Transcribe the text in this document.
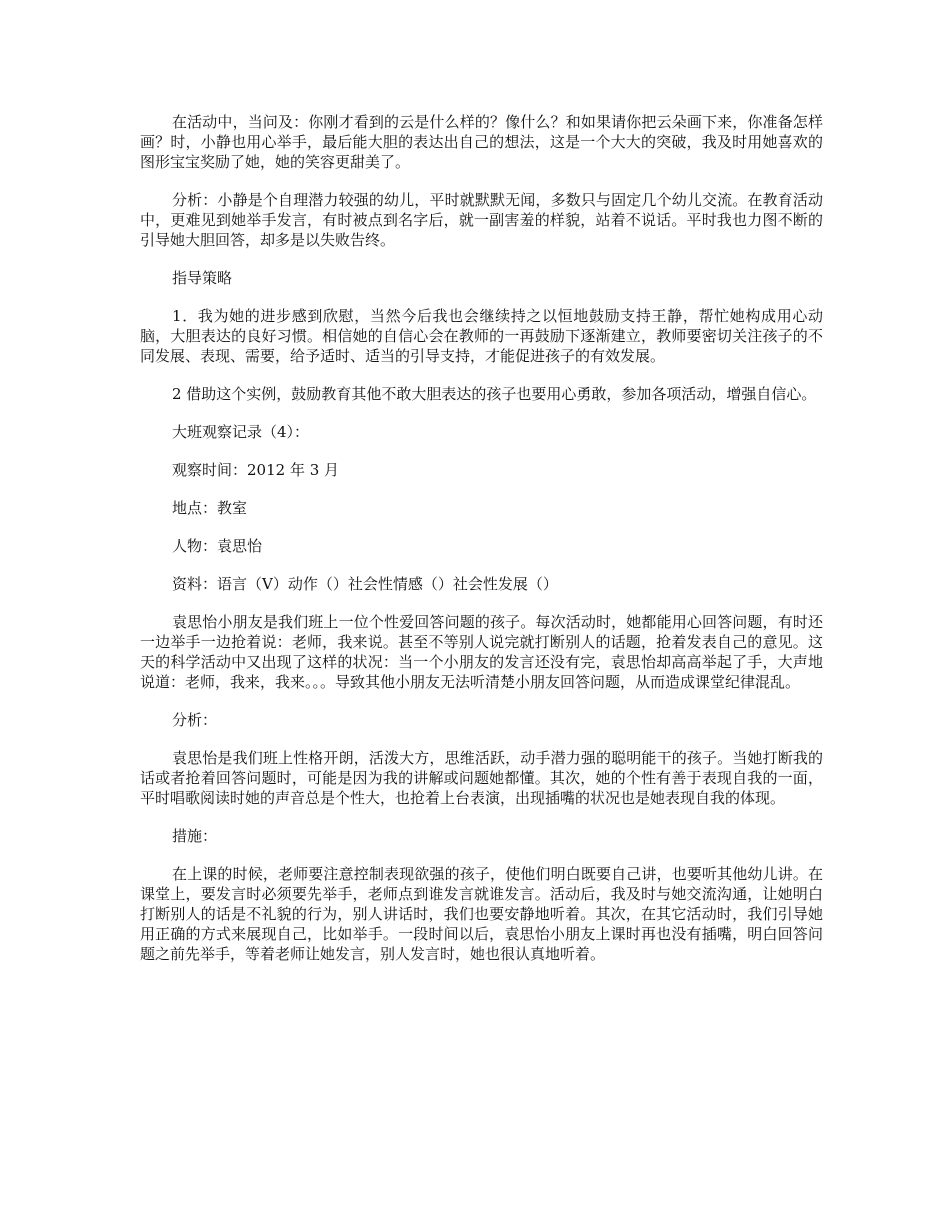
在活动中，当问及：你刚才看到的云是什么样的？像什么？和如果请你把云朵画下来，你准备怎样画？时，小静也用心举手，最后能大胆的表达出自己的想法，这是一个大大的突破，我及时用她喜欢的图形宝宝奖励了她，她的笑容更甜美了。

分析：小静是个自理潜力较强的幼儿，平时就默默无闻，多数只与固定几个幼儿交流。在教育活动中，更难见到她举手发言，有时被点到名字后，就一副害羞的样貌，站着不说话。平时我也力图不断的引导她大胆回答，却多是以失败告终。

指导策略

1．我为她的进步感到欣慰，当然今后我也会继续持之以恒地鼓励支持王静，帮忙她构成用心动脑，大胆表达的良好习惯。相信她的自信心会在教师的一再鼓励下逐渐建立，教师要密切关注孩子的不同发展、表现、需要，给予适时、适当的引导支持，才能促进孩子的有效发展。

2 借助这个实例，鼓励教育其他不敢大胆表达的孩子也要用心勇敢，参加各项活动，增强自信心。

大班观察记录（4）：

观察时间：2012 年 3 月

地点：教室

人物：袁思怡

资料：语言（V）动作（）社会性情感（）社会性发展（）

袁思怡小朋友是我们班上一位个性爱回答问题的孩子。每次活动时，她都能用心回答问题，有时还一边举手一边抢着说：老师，我来说。甚至不等别人说完就打断别人的话题，抢着发表自己的意见。这天的科学活动中又出现了这样的状况：当一个小朋友的发言还没有完，袁思怡却高高举起了手，大声地说道：老师，我来，我来。。。导致其他小朋友无法听清楚小朋友回答问题，从而造成课堂纪律混乱。

分析：

袁思怡是我们班上性格开朗，活泼大方，思维活跃，动手潜力强的聪明能干的孩子。当她打断我的话或者抢着回答问题时，可能是因为我的讲解或问题她都懂。其次，她的个性有善于表现自我的一面，平时唱歌阅读时她的声音总是个性大，也抢着上台表演，出现插嘴的状况也是她表现自我的体现。

措施：

在上课的时候，老师要注意控制表现欲强的孩子，使他们明白既要自己讲，也要听其他幼儿讲。在课堂上，要发言时必须要先举手，老师点到谁发言就谁发言。活动后，我及时与她交流沟通，让她明白打断别人的话是不礼貌的行为，别人讲话时，我们也要安静地听着。其次，在其它活动时，我们引导她用正确的方式来展现自己，比如举手。一段时间以后，袁思怡小朋友上课时再也没有插嘴，明白回答问题之前先举手，等着老师让她发言，别人发言时，她也很认真地听着。
